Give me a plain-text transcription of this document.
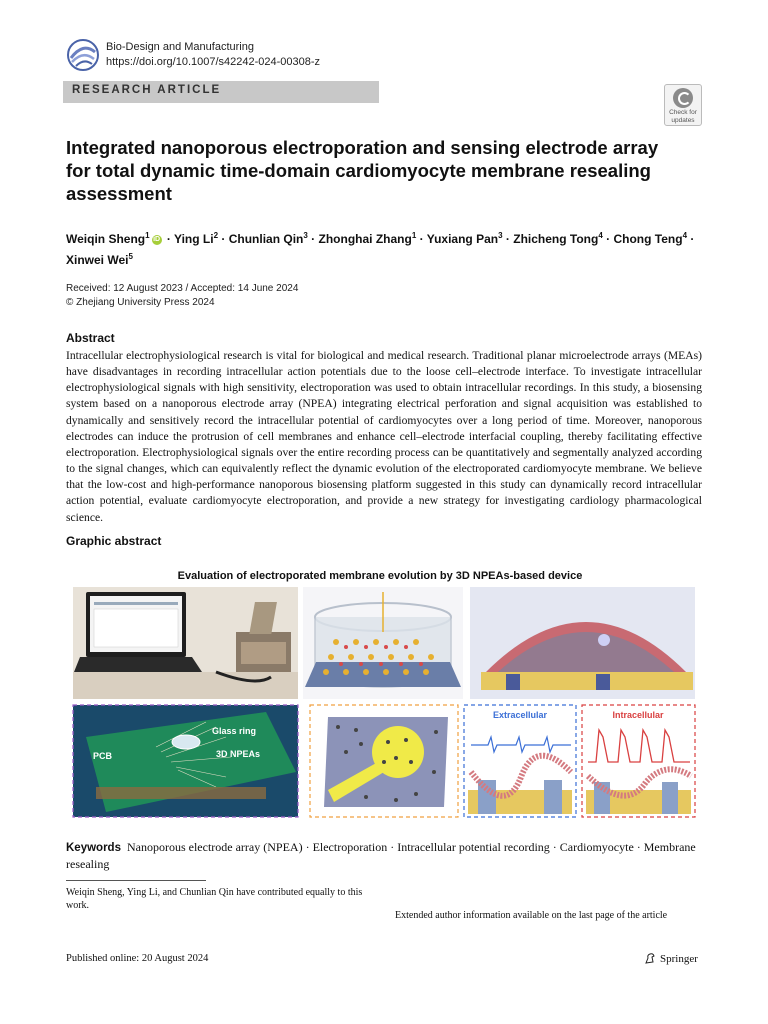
Bio-Design and Manufacturing
https://doi.org/10.1007/s42242-024-00308-z
RESEARCH ARTICLE
Check for
updates
Integrated nanoporous electroporation and sensing electrode array for total dynamic time-domain cardiomyocyte membrane resealing assessment
Weiqin Sheng$^1$ iD · Ying $Li^2$ · Chunlian Qin$^3$ · Zhonghai Zhang$^1$ · Yuxiang Pan$^3$ · Zhicheng Tong$^4$ · Chong Teng$^4$ ·
Xinwei Wei$^5$
Received: 12 August 2023 / Accepted: 14 June 2024
© Zhejiang University Press 2024
Abstract
Intracellular electrophysiological research is vital for biological and medical research. Traditional planar microelectrode arrays (MEAs) have disadvantages in recording intracellular action potentials due to the loose cell–electrode interface. To investigate intracellular electrophysiological signals with high sensitivity, electroporation was used to obtain intracellular recordings. In this study, a biosensing system based on a nanoporous electrode array (NPEA) integrating electrical perforation and signal acquisition was established to dynamically and sensitively record the intracellular potential of cardiomyocytes over a long period of time. Moreover, nanoporous electrodes can induce the protrusion of cell membranes and enhance cell–electrode interfacial coupling, thereby facilitating effective electroporation. Electrophysiological signals over the entire recording process can be quantitatively and segmentally analyzed according to the signal changes, which can equivalently reflect the dynamic evolution of the electroporated cardiomyocyte membrane. We believe that the low-cost and high-performance nanoporous biosensing platform suggested in this study can dynamically record intracellular action potential, evaluate cardiomyocyte electroporation, and provide a new strategy for investigating cardiology pharmacological science.
Graphic abstract
Evaluation of electroporated membrane evolution by 3D NPEAs-based device
Glass ring
PCB	3D NPEAs
Extracellular	Intracellular
Keywords Nanoporous electrode array (NPEA) · Electroporation · Intracellular potential recording · Cardiomyocyte · Membrane resealing
Weiqin Sheng, Ying Li, and Chunlian Qin have contributed equally to this work.
Extended author information available on the last page of the article
Published online: 20 August 2024	Springer
